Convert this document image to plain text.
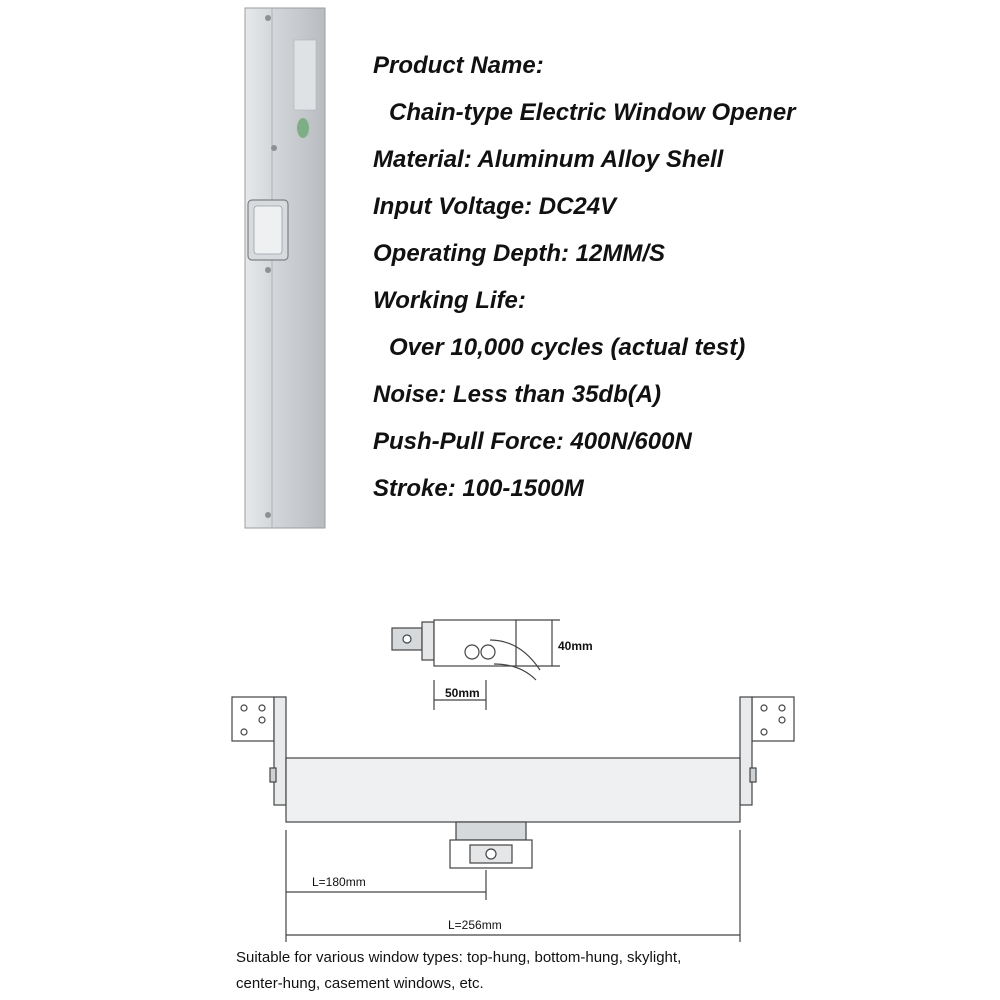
Product Name:
Chain-type Electric Window Opener
Material: Aluminum Alloy Shell
Input Voltage: DC24V
Operating Depth: 12MM/S
Working Life:
Over 10,000 cycles (actual test)
Noise: Less than 35db(A)
Push-Pull Force: 400N/600N
Stroke: 100-1500M
40mm
50mm
L=180mm
L=256mm

Suitable for various window types: top-hung, bottom-hung, skylight,

center-hung, casement windows, etc.
